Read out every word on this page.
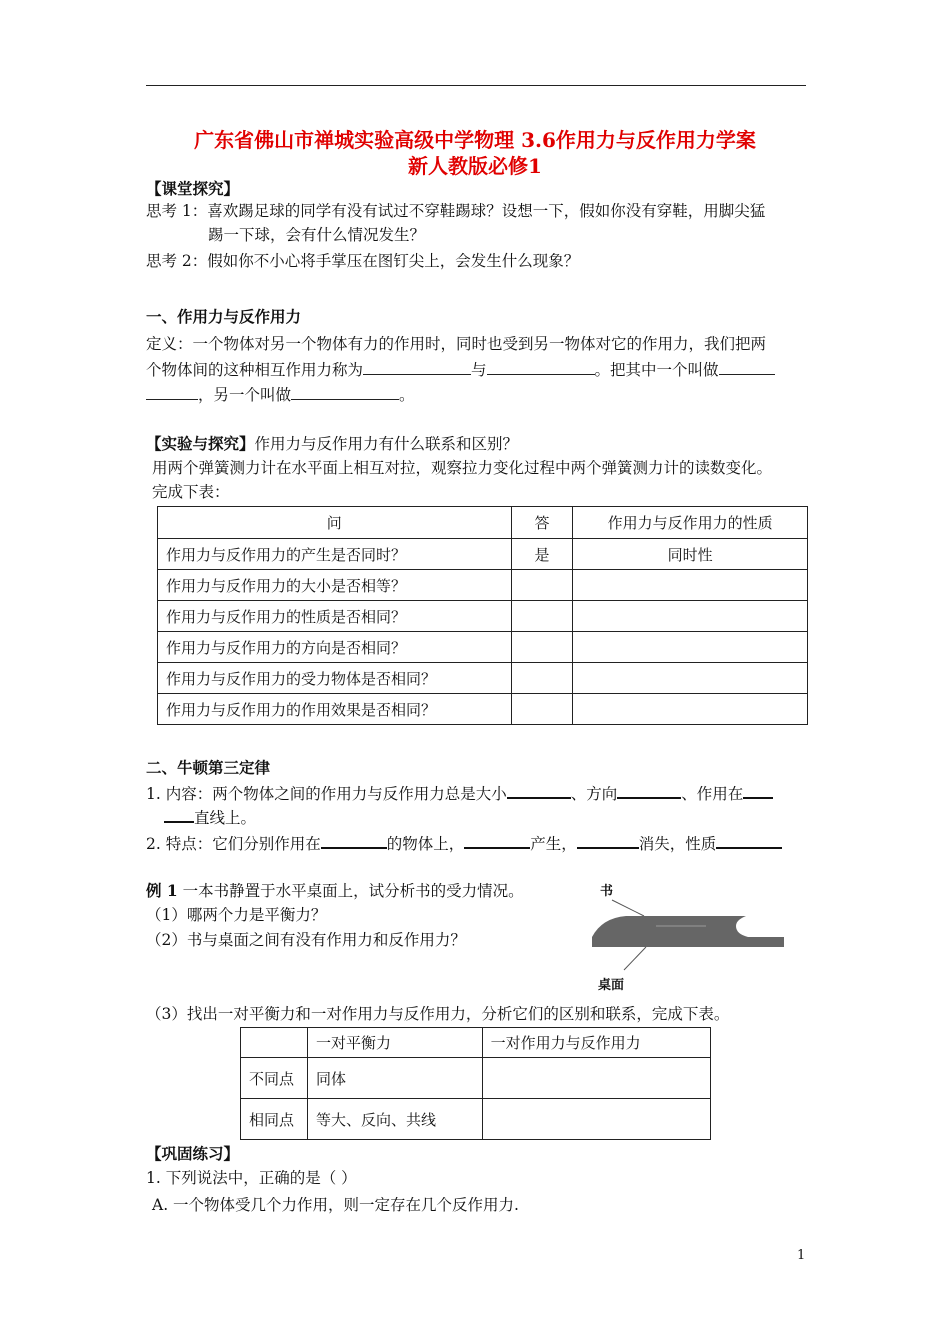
广东省佛山市禅城实验高级中学物理 3.6作用力与反作用力学案
新人教版必修1
【课堂探究】
思考 1：喜欢踢足球的同学有没有试过不穿鞋踢球？设想一下，假如你没有穿鞋，用脚尖猛
踢一下球，会有什么情况发生？
思考 2：假如你不小心将手掌压在图钉尖上，会发生什么现象？
一、作用力与反作用力
定义：一个物体对另一个物体有力的作用时，同时也受到另一物体对它的作用力，我们把两
个物体间的这种相互作用力称为	与	。把其中一个叫做
，另一个叫做	。
【实验与探究】作用力与反作用力有什么联系和区别？
用两个弹簧测力计在水平面上相互对拉，观察拉力变化过程中两个弹簧测力计的读数变化。
完成下表：
问	答	作用力与反作用力的性质
作用力与反作用力的产生是否同时？	是	同时性
作用力与反作用力的大小是否相等？		
作用力与反作用力的性质是否相同？		
作用力与反作用力的方向是否相同？		
作用力与反作用力的受力物体是否相同？		
作用力与反作用力的作用效果是否相同？		
二、牛顿第三定律
1. 内容：两个物体之间的作用力与反作用力总是大小	、方向	、作用在
直线上。
2. 特点：它们分别作用在	的物体上，	产生，	消失，性质
例 1 一本书静置于水平桌面上，试分析书的受力情况。
（1）哪两个力是平衡力？
（2）书与桌面之间有没有作用力和反作用力？
书
桌面
（3）找出一对平衡力和一对作用力与反作用力，分析它们的区别和联系，完成下表。
	一对平衡力	一对作用力与反作用力
不同点	同体	
相同点	等大、反向、共线	
【巩固练习】
1. 下列说法中，正确的是（ ）
A. 一个物体受几个力作用，则一定存在几个反作用力.
1
